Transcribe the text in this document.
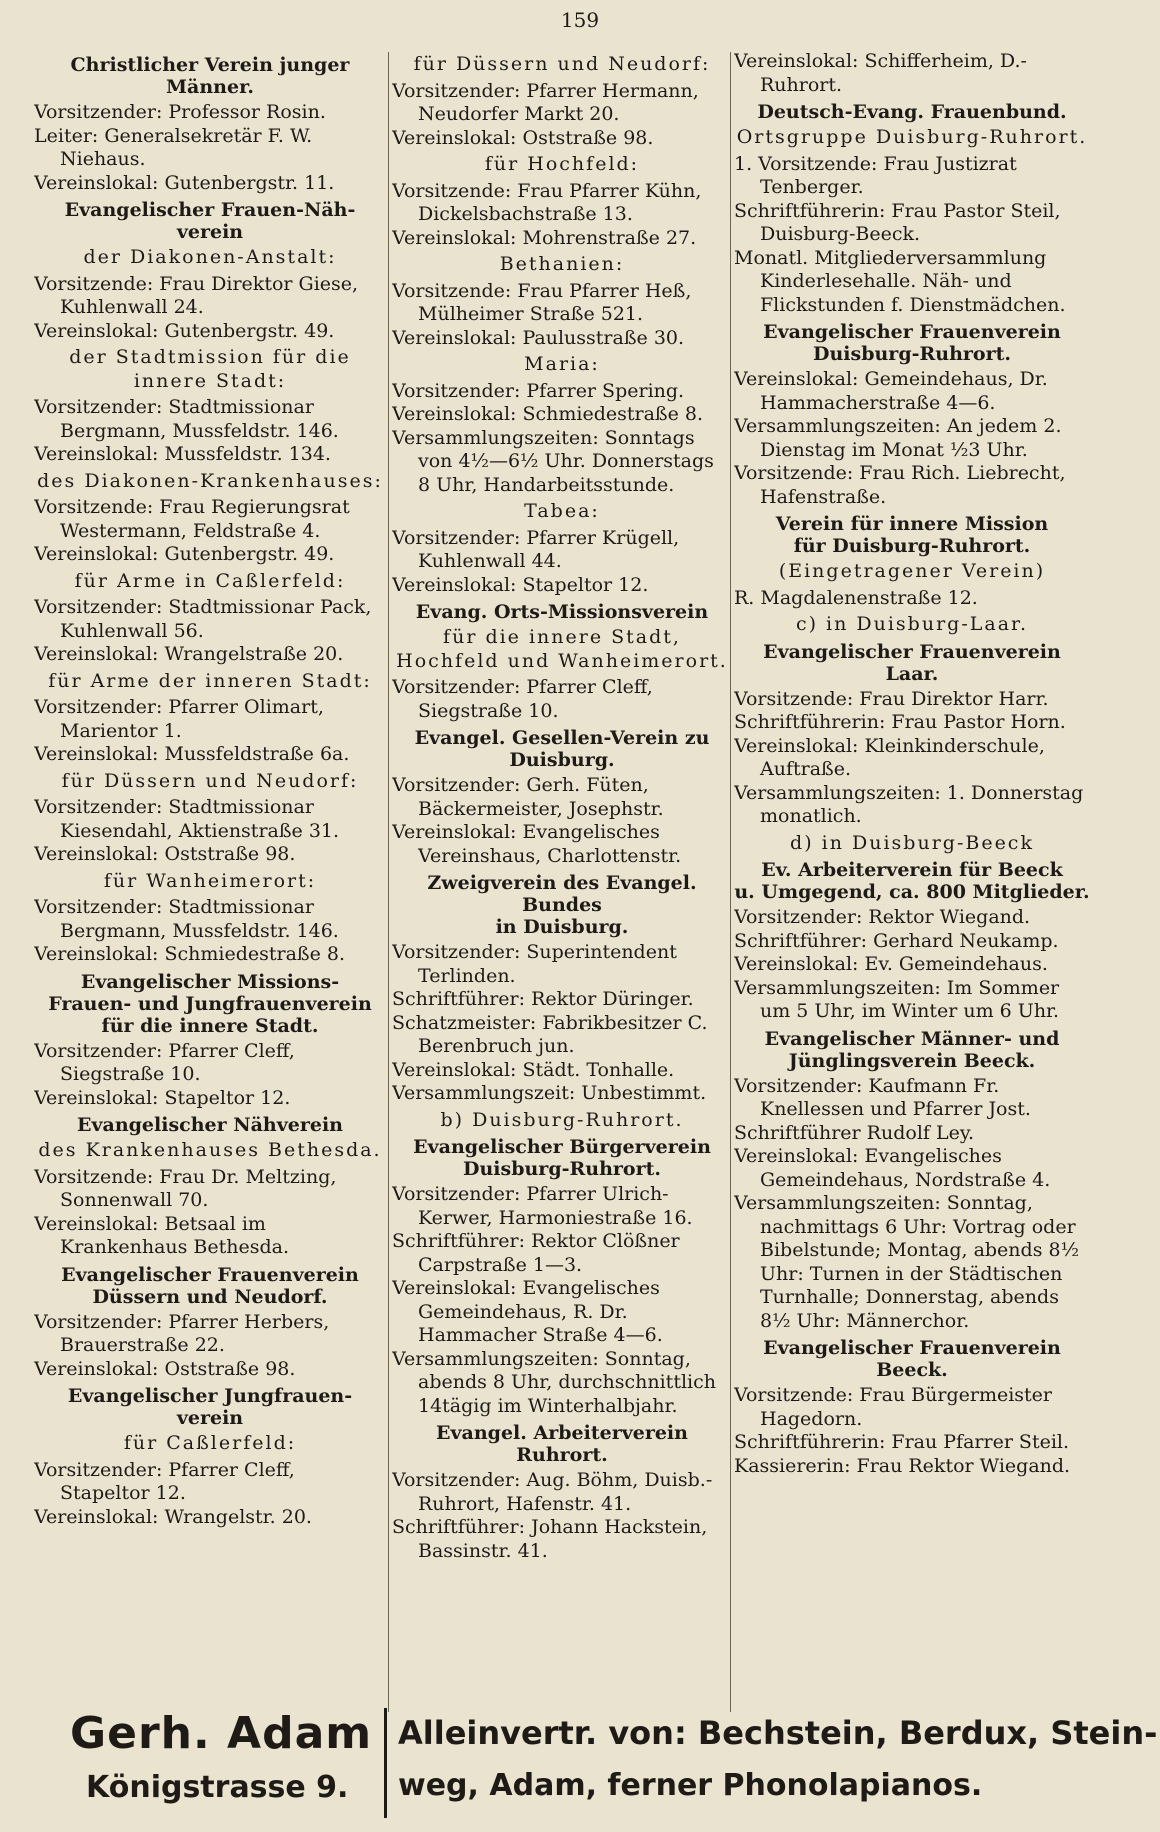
159
Christlicher Verein junger Männer.

Vorsitzender: Professor Rosin.

Leiter: Generalsekretär F. W. Niehaus.

Vereinslokal: Gutenbergstr. 11.

Evangelischer Frauen-Näh-
verein
der Diakonen-Anstalt:

Vorsitzende: Frau Direktor Giese, Kuhlenwall 24.

Vereinslokal: Gutenbergstr. 49.

der Stadtmission für die innere Stadt:

Vorsitzender: Stadtmissionar Bergmann, Mussfeldstr. 146.

Vereinslokal: Mussfeldstr. 134.

des Diakonen-Krankenhauses:

Vorsitzende: Frau Regierungsrat Westermann, Feldstraße 4.

Vereinslokal: Gutenbergstr. 49.

für Arme in Caßlerfeld:

Vorsitzender: Stadtmissionar Pack, Kuhlenwall 56.

Vereinslokal: Wrangelstraße 20.

für Arme der inneren Stadt:

Vorsitzender: Pfarrer Olimart, Marientor 1.

Vereinslokal: Mussfeldstraße 6a.

für Düssern und Neudorf:

Vorsitzender: Stadtmissionar Kiesendahl, Aktienstraße 31.

Vereinslokal: Oststraße 98.

für Wanheimerort:

Vorsitzender: Stadtmissionar Bergmann, Mussfeldstr. 146.

Vereinslokal: Schmiedestraße 8.

Evangelischer Missions-
Frauen- und Jungfrauenverein
für die innere Stadt.

Vorsitzender: Pfarrer Cleff, Siegstraße 10.

Vereinslokal: Stapeltor 12.

Evangelischer Nähverein
des Krankenhauses Bethesda.

Vorsitzende: Frau Dr. Meltzing, Sonnenwall 70.

Vereinslokal: Betsaal im Krankenhaus Bethesda.

Evangelischer Frauenverein
Düssern und Neudorf.

Vorsitzender: Pfarrer Herbers, Brauerstraße 22.

Vereinslokal: Oststraße 98.

Evangelischer Jungfrauen-
verein
für Caßlerfeld:

Vorsitzender: Pfarrer Cleff, Stapeltor 12.

Vereinslokal: Wrangelstr. 20.

für Düssern und Neudorf:

Vorsitzender: Pfarrer Hermann, Neudorfer Markt 20.

Vereinslokal: Oststraße 98.

für Hochfeld:

Vorsitzende: Frau Pfarrer Kühn, Dickelsbachstraße 13.

Vereinslokal: Mohrenstraße 27.

Bethanien:

Vorsitzende: Frau Pfarrer Heß, Mülheimer Straße 521.

Vereinslokal: Paulusstraße 30.

Maria:

Vorsitzender: Pfarrer Spering.

Vereinslokal: Schmiedestraße 8.

Versammlungszeiten: Sonntags von 4½—6½ Uhr. Donnerstags 8 Uhr, Handarbeitsstunde.

Tabea:

Vorsitzender: Pfarrer Krügell, Kuhlenwall 44.

Vereinslokal: Stapeltor 12.

Evang. Orts-Missionsverein
für die innere Stadt, Hochfeld und Wanheimerort.

Vorsitzender: Pfarrer Cleff, Siegstraße 10.

Evangel. Gesellen-Verein zu
Duisburg.

Vorsitzender: Gerh. Füten, Bäckermeister, Josephstr.

Vereinslokal: Evangelisches Vereinshaus, Charlottenstr.

Zweigverein des Evangel. Bundes
in Duisburg.

Vorsitzender: Superintendent Terlinden.

Schriftführer: Rektor Düringer.

Schatzmeister: Fabrikbesitzer C. Berenbruch jun.

Vereinslokal: Städt. Tonhalle.

Versammlungszeit: Unbestimmt.

b) Duisburg-Ruhrort.
Evangelischer Bürgerverein
Duisburg-Ruhrort.

Vorsitzender: Pfarrer Ulrich-Kerwer, Harmoniestraße 16.

Schriftführer: Rektor Clößner Carpstraße 1—3.

Vereinslokal: Evangelisches Gemeindehaus, R. Dr. Hammacher Straße 4—6.

Versammlungszeiten: Sonntag, abends 8 Uhr, durchschnittlich 14tägig im Winterhalbjahr.

Evangel. Arbeiterverein Ruhrort.

Vorsitzender: Aug. Böhm, Duisb.-Ruhrort, Hafenstr. 41.

Schriftführer: Johann Hackstein, Bassinstr. 41.

Vereinslokal: Schifferheim, D.-Ruhrort.

Deutsch-Evang. Frauenbund.
Ortsgruppe Duisburg-Ruhrort.

1. Vorsitzende: Frau Justizrat Tenberger.

Schriftführerin: Frau Pastor Steil, Duisburg-Beeck.

Monatl. Mitgliederversammlung Kinderlesehalle. Näh- und Flickstunden f. Dienstmädchen.

Evangelischer Frauenverein
Duisburg-Ruhrort.

Vereinslokal: Gemeindehaus, Dr. Hammacherstraße 4—6.

Versammlungszeiten: An jedem 2. Dienstag im Monat ½3 Uhr.

Vorsitzende: Frau Rich. Liebrecht, Hafenstraße.

Verein für innere Mission
für Duisburg-Ruhrort.
(Eingetragener Verein)

R. Magdalenenstraße 12.

c) in Duisburg-Laar.
Evangelischer Frauenverein Laar.

Vorsitzende: Frau Direktor Harr.

Schriftführerin: Frau Pastor Horn.

Vereinslokal: Kleinkinderschule, Auftraße.

Versammlungszeiten: 1. Donnerstag monatlich.

d) in Duisburg-Beeck
Ev. Arbeiterverein für Beeck
u. Umgegend, ca. 800 Mitglieder.

Vorsitzender: Rektor Wiegand.

Schriftführer: Gerhard Neukamp.

Vereinslokal: Ev. Gemeindehaus.

Versammlungszeiten: Im Sommer um 5 Uhr, im Winter um 6 Uhr.

Evangelischer Männer- und
Jünglingsverein Beeck.

Vorsitzender: Kaufmann Fr. Knellessen und Pfarrer Jost.

Schriftführer Rudolf Ley.

Vereinslokal: Evangelisches Gemeindehaus, Nordstraße 4.

Versammlungszeiten: Sonntag, nachmittags 6 Uhr: Vortrag oder Bibelstunde; Montag, abends 8½ Uhr: Turnen in der Städtischen Turnhalle; Donnerstag, abends 8½ Uhr: Männerchor.

Evangelischer Frauenverein
Beeck.

Vorsitzende: Frau Bürgermeister Hagedorn.

Schriftführerin: Frau Pfarrer Steil.

Kassiererin: Frau Rektor Wiegand.

Gerh. Adam
Königstrasse 9.
Alleinvertr. von: Bechstein, Berdux, Stein-
weg, Adam, ferner Phonolapianos.
